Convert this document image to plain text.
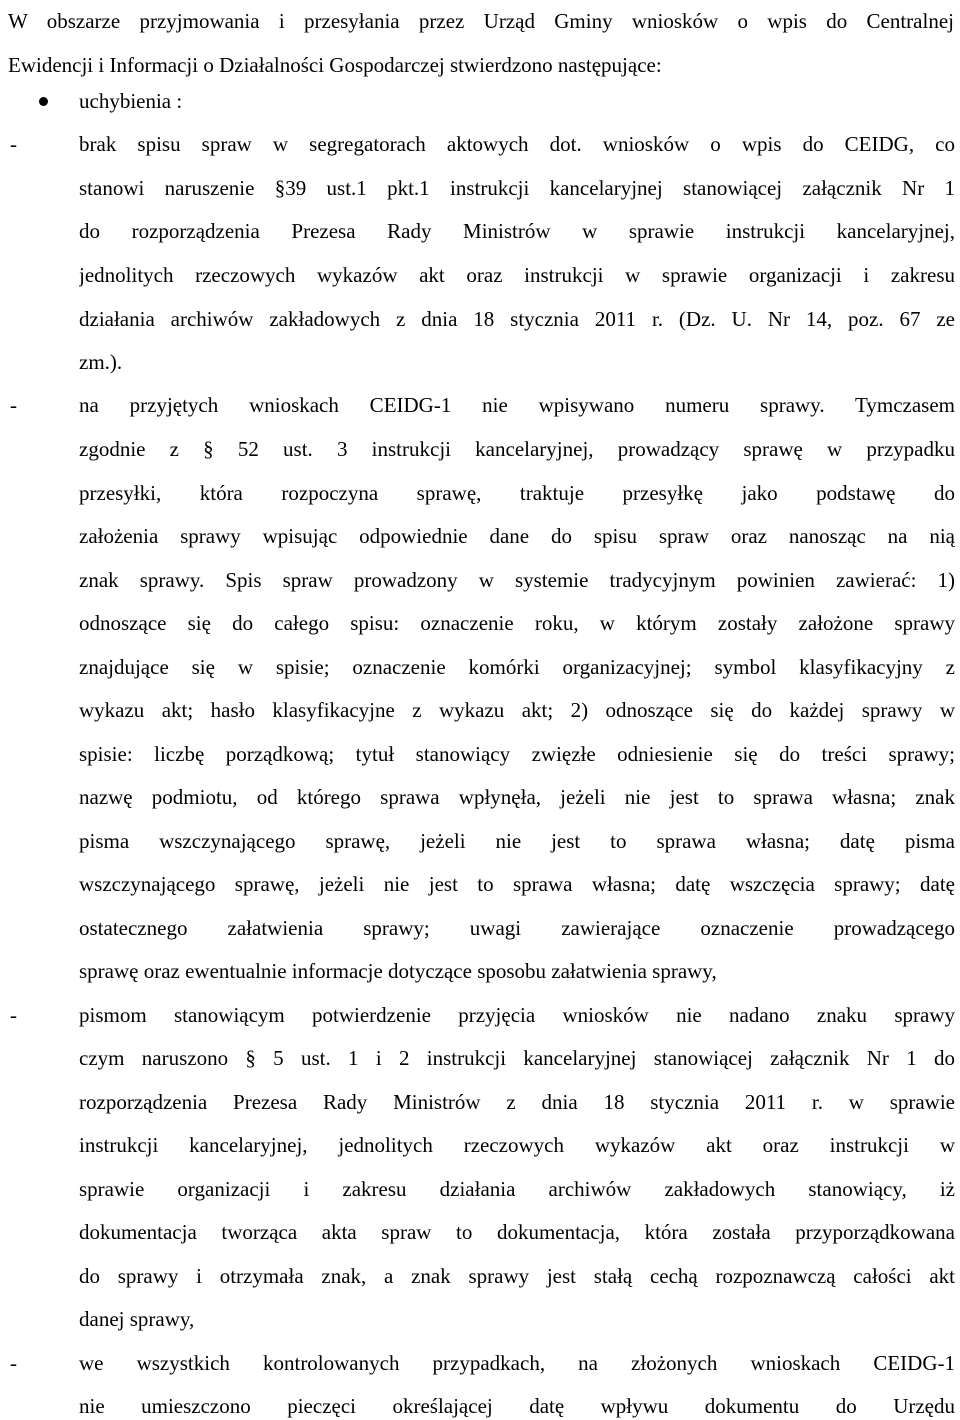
W obszarze przyjmowania i przesyłania przez Urząd Gminy wniosków o wpis do Centralnej
Ewidencji i Informacji o Działalności Gospodarczej stwierdzono następujące:
uchybienia :
-	brak spisu spraw w segregatorach aktowych dot. wniosków o wpis do CEIDG, co
stanowi naruszenie §39 ust.1 pkt.1 instrukcji kancelaryjnej stanowiącej załącznik Nr 1
do rozporządzenia Prezesa Rady Ministrów w sprawie instrukcji kancelaryjnej,
jednolitych rzeczowych wykazów akt oraz instrukcji w sprawie organizacji i zakresu
działania archiwów zakładowych z dnia 18 stycznia 2011 r. (Dz. U. Nr 14, poz. 67 ze
zm.).
-	na przyjętych wnioskach CEIDG-1 nie wpisywano numeru sprawy. Tymczasem
zgodnie z § 52 ust. 3 instrukcji kancelaryjnej, prowadzący sprawę w przypadku
przesyłki, która rozpoczyna sprawę, traktuje przesyłkę jako podstawę do
założenia sprawy wpisując odpowiednie dane do spisu spraw oraz nanosząc na nią
znak sprawy. Spis spraw prowadzony w systemie tradycyjnym powinien zawierać: 1)
odnoszące się do całego spisu: oznaczenie roku, w którym zostały założone sprawy
znajdujące się w spisie; oznaczenie komórki organizacyjnej; symbol klasyfikacyjny z
wykazu akt; hasło klasyfikacyjne z wykazu akt; 2) odnoszące się do każdej sprawy w
spisie: liczbę porządkową; tytuł stanowiący zwięzłe odniesienie się do treści sprawy;
nazwę podmiotu, od którego sprawa wpłynęła, jeżeli nie jest to sprawa własna; znak
pisma wszczynającego sprawę, jeżeli nie jest to sprawa własna; datę pisma
wszczynającego sprawę, jeżeli nie jest to sprawa własna; datę wszczęcia sprawy; datę
ostatecznego załatwienia sprawy; uwagi zawierające oznaczenie prowadzącego
sprawę oraz ewentualnie informacje dotyczące sposobu załatwienia sprawy,
-	pismom stanowiącym potwierdzenie przyjęcia wniosków nie nadano znaku sprawy
czym naruszono § 5 ust. 1 i 2 instrukcji kancelaryjnej stanowiącej załącznik Nr 1 do
rozporządzenia Prezesa Rady Ministrów z dnia 18 stycznia 2011 r. w sprawie
instrukcji kancelaryjnej, jednolitych rzeczowych wykazów akt oraz instrukcji w
sprawie organizacji i zakresu działania archiwów zakładowych stanowiący, iż
dokumentacja tworząca akta spraw to dokumentacja, która została przyporządkowana
do sprawy i otrzymała znak, a znak sprawy jest stałą cechą rozpoznawczą całości akt
danej sprawy,
-	we wszystkich kontrolowanych przypadkach, na złożonych wnioskach CEIDG-1
nie umieszczono pieczęci określającej datę wpływu dokumentu do Urzędu
